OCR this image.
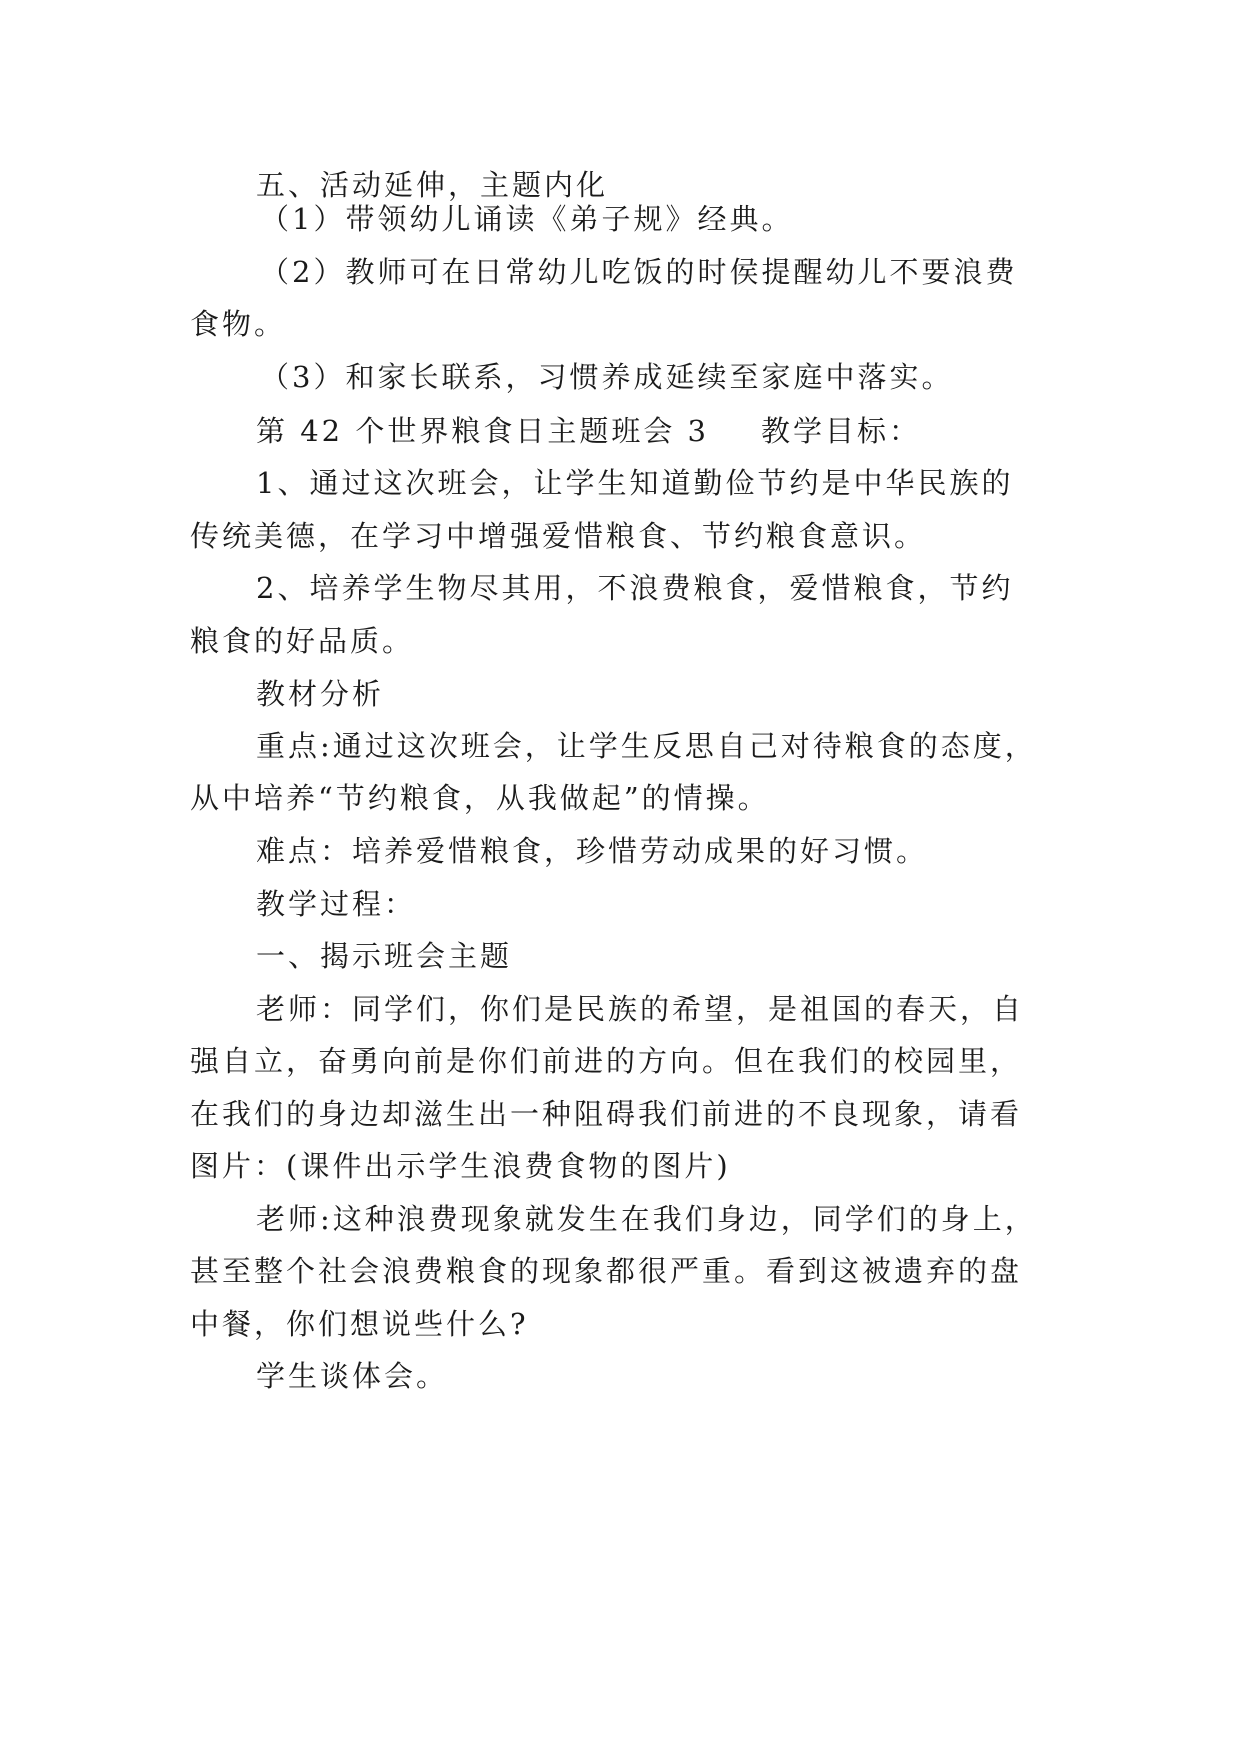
五、活动延伸，主题内化
（1）带领幼儿诵读《弟子规》经典。
（2）教师可在日常幼儿吃饭的时侯提醒幼儿不要浪费
食物。
（3）和家长联系，习惯养成延续至家庭中落实。
第 42 个世界粮食日主题班会 3 教学目标：
1、通过这次班会，让学生知道勤俭节约是中华民族的
传统美德，在学习中增强爱惜粮食、节约粮食意识。
2、培养学生物尽其用，不浪费粮食，爱惜粮食，节约
粮食的好品质。
教材分析
重点:通过这次班会，让学生反思自己对待粮食的态度，
从中培养“节约粮食，从我做起”的情操。
难点：培养爱惜粮食，珍惜劳动成果的好习惯。
教学过程：
一、揭示班会主题
老师：同学们，你们是民族的希望，是祖国的春天，自
强自立，奋勇向前是你们前进的方向。但在我们的校园里，
在我们的身边却滋生出一种阻碍我们前进的不良现象，请看
图片：(课件出示学生浪费食物的图片)
老师:这种浪费现象就发生在我们身边，同学们的身上，
甚至整个社会浪费粮食的现象都很严重。看到这被遗弃的盘
中餐，你们想说些什么?
学生谈体会。
